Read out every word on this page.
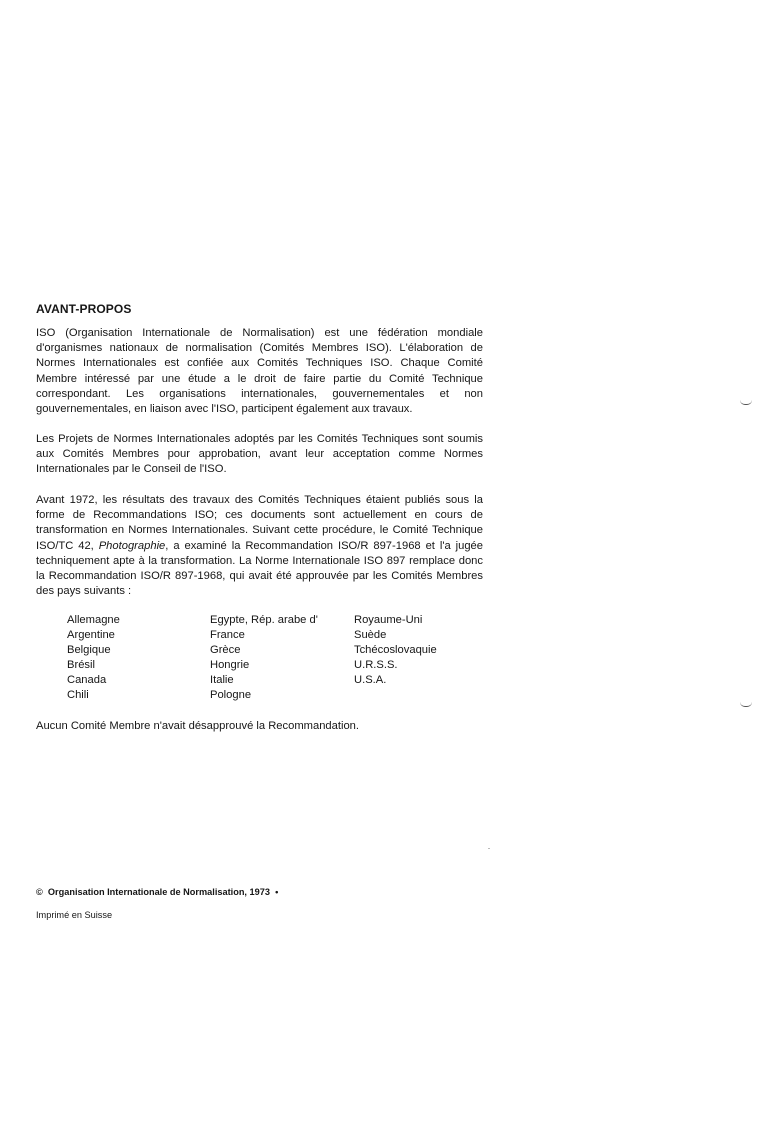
AVANT-PROPOS

ISO (Organisation Internationale de Normalisation) est une fédération mondiale d'organismes nationaux de normalisation (Comités Membres ISO). L'élaboration de Normes Internationales est confiée aux Comités Techniques ISO. Chaque Comité Membre intéressé par une étude a le droit de faire partie du Comité Technique correspondant. Les organisations internationales, gouvernementales et non gouvernementales, en liaison avec l'ISO, participent également aux travaux.

Les Projets de Normes Internationales adoptés par les Comités Techniques sont soumis aux Comités Membres pour approbation, avant leur acceptation comme Normes Internationales par le Conseil de l'ISO.

Avant 1972, les résultats des travaux des Comités Techniques étaient publiés sous la forme de Recommandations ISO; ces documents sont actuellement en cours de transformation en Normes Internationales. Suivant cette procédure, le Comité Technique ISO/TC 42, Photographie, a examiné la Recommandation ISO/R 897-1968 et l'a jugée techniquement apte à la transformation. La Norme Internationale ISO 897 remplace donc la Recommandation ISO/R 897-1968, qui avait été approuvée par les Comités Membres des pays suivants :

Allemagne	Egypte, Rép. arabe d'	Royaume-Uni
Argentine	France	Suède
Belgique	Grèce	Tchécoslovaquie
Brésil	Hongrie	U.R.S.S.
Canada	Italie	U.S.A.
Chili	Pologne	

Aucun Comité Membre n'avait désapprouvé la Recommandation.

© Organisation Internationale de Normalisation, 1973 •
Imprimé en Suisse
